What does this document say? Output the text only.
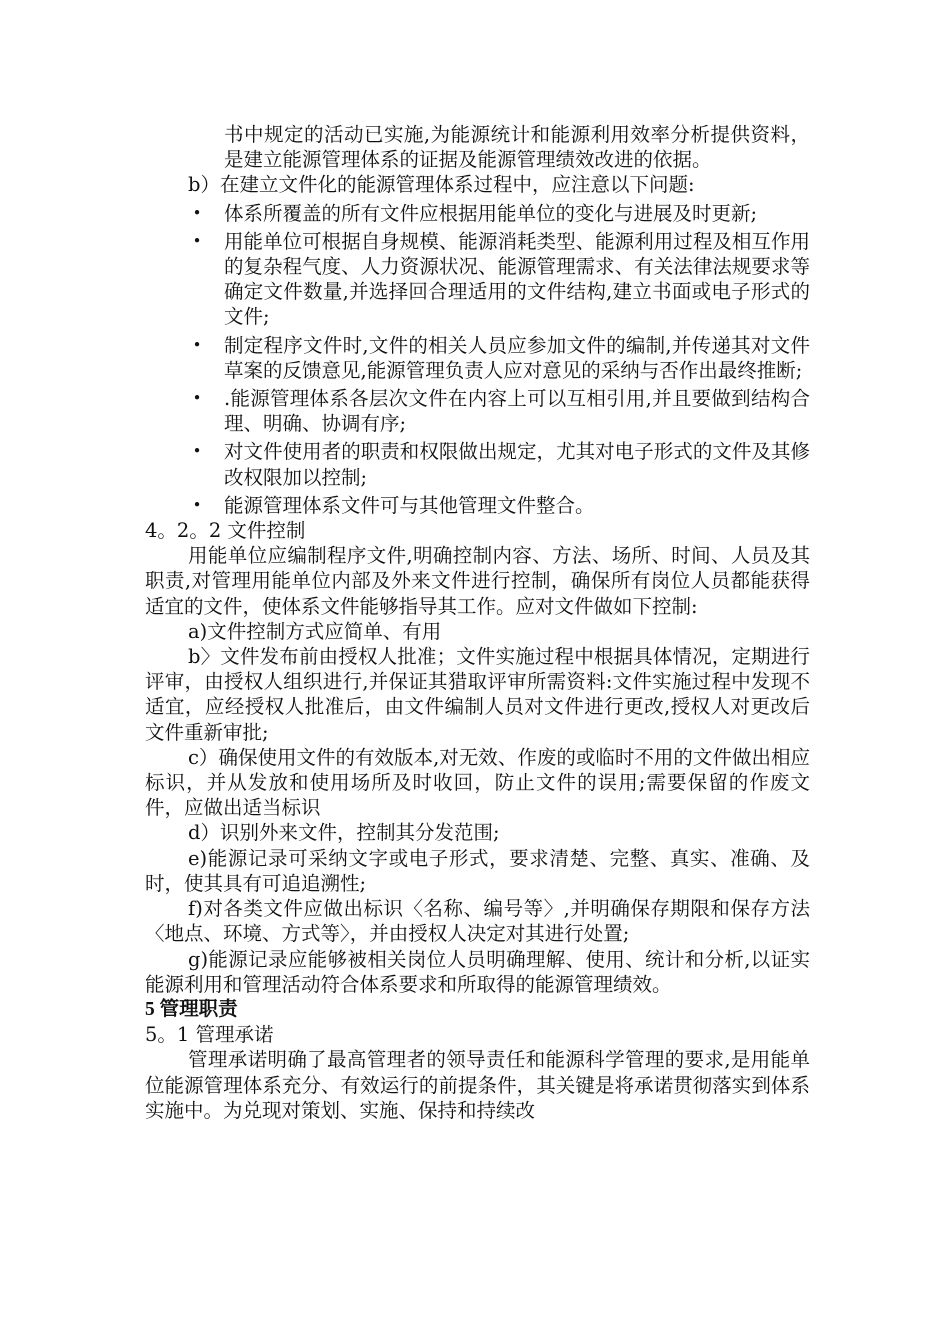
书中规定的活动已实施,为能源统计和能源利用效率分析提供资料，是建立能源管理体系的证据及能源管理绩效改进的依据。

b）在建立文件化的能源管理体系过程中，应注意以下问题:

• 体系所覆盖的所有文件应根据用能单位的变化与进展及时更新;
• 用能单位可根据自身规模、能源消耗类型、能源利用过程及相互作用的复杂程气度、人力资源状况、能源管理需求、有关法律法规要求等确定文件数量,并选择回合理适用的文件结构,建立书面或电子形式的文件;
• 制定程序文件时,文件的相关人员应参加文件的编制,并传递其对文件草案的反馈意见,能源管理负责人应对意见的采纳与否作出最终推断;
• .能源管理体系各层次文件在内容上可以互相引用,并且要做到结构合理、明确、协调有序;
• 对文件使用者的职责和权限做出规定，尤其对电子形式的文件及其修改权限加以控制;
• 能源管理体系文件可与其他管理文件整合。

4。2。2 文件控制

用能单位应编制程序文件,明确控制内容、方法、场所、时间、人员及其职责,对管理用能单位内部及外来文件进行控制，确保所有岗位人员都能获得适宜的文件，使体系文件能够指导其工作。应对文件做如下控制:

a)文件控制方式应简单、有用

b〉文件发布前由授权人批准；文件实施过程中根据具体情况，定期进行评审，由授权人组织进行,并保证其猎取评审所需资料:文件实施过程中发现不适宜，应经授权人批准后，由文件编制人员对文件进行更改,授权人对更改后文件重新审批;

c）确保使用文件的有效版本,对无效、作废的或临时不用的文件做出相应标识，并从发放和使用场所及时收回，防止文件的误用;需要保留的作废文件，应做出适当标识

d）识别外来文件，控制其分发范围;

e)能源记录可采纳文字或电子形式，要求清楚、完整、真实、准确、及时，使其具有可追追溯性;

f)对各类文件应做出标识〈名称、编号等〉,并明确保存期限和保存方法〈地点、环境、方式等〉，并由授权人决定对其进行处置;

g)能源记录应能够被相关岗位人员明确理解、使用、统计和分析,以证实能源利用和管理活动符合体系要求和所取得的能源管理绩效。

5 管理职责

5。1 管理承诺

管理承诺明确了最高管理者的领导责任和能源科学管理的要求,是用能单位能源管理体系充分、有效运行的前提条件，其关键是将承诺贯彻落实到体系实施中。为兑现对策划、实施、保持和持续改
